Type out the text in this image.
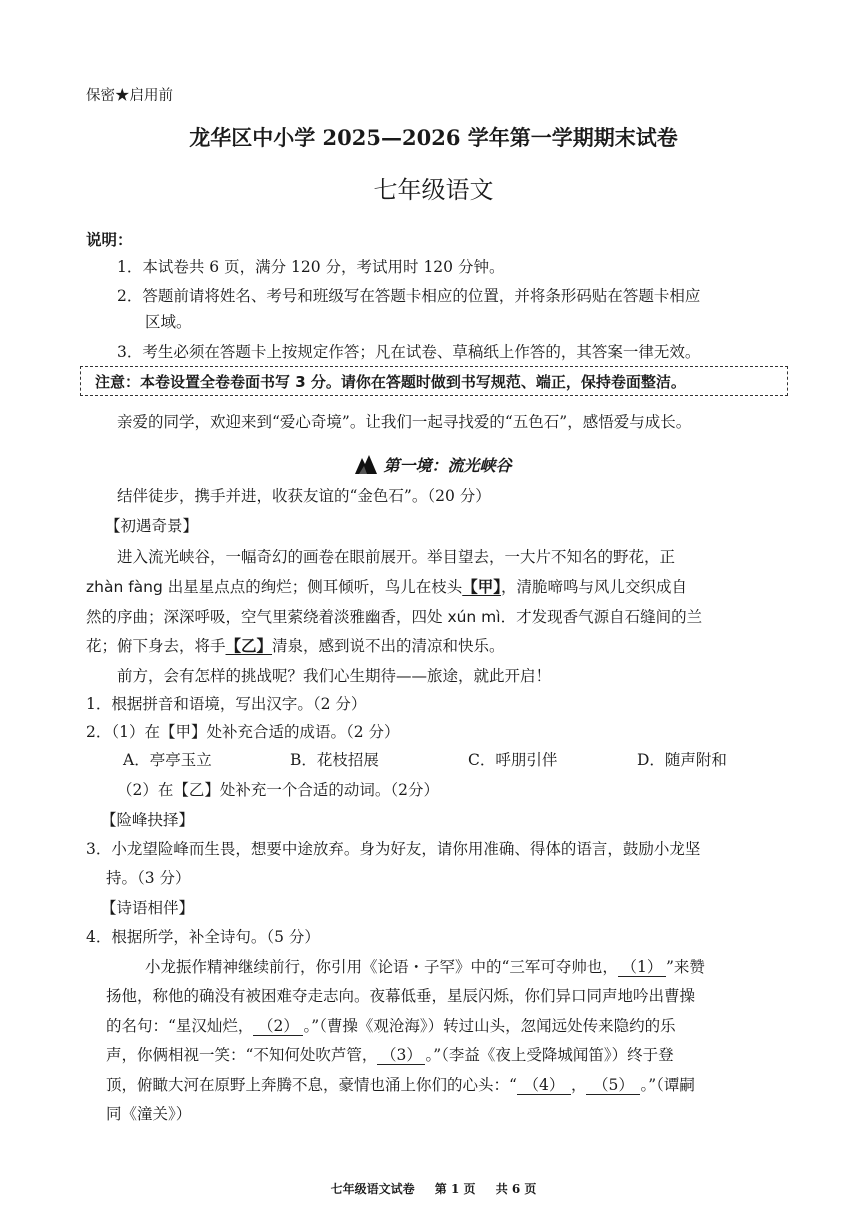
保密★启用前
龙华区中小学 2025—2026 学年第一学期期末试卷
七年级语文
说明：
1．本试卷共 6 页，满分 120 分，考试用时 120 分钟。
2．答题前请将姓名、考号和班级写在答题卡相应的位置，并将条形码贴在答题卡相应
区域。
3．考生必须在答题卡上按规定作答；凡在试卷、草稿纸上作答的，其答案一律无效。
注意：本卷设置全卷卷面书写 3 分。请你在答题时做到书写规范、端正，保持卷面整洁。
亲爱的同学，欢迎来到“爱心奇境”。让我们一起寻找爱的“五色石”，感悟爱与成长。
第一境：流光峡谷
结伴徒步，携手并进，收获友谊的“金色石”。（20 分）
【初遇奇景】
进入流光峡谷，一幅奇幻的画卷在眼前展开。举目望去，一大片不知名的野花，正
zhàn fàng 出星星点点的绚烂；侧耳倾听，鸟儿在枝头【甲】，清脆啼鸣与风儿交织成自
然的序曲；深深呼吸，空气里萦绕着淡雅幽香，四处 xún mì．才发现香气源自石缝间的兰
花；俯下身去，将手【乙】清泉，感到说不出的清凉和快乐。
前方，会有怎样的挑战呢？我们心生期待——旅途，就此开启！
1．根据拼音和语境，写出汉字。（2 分）
2．（1）在【甲】处补充合适的成语。（2 分）
A．亭亭玉立	B．花枝招展	C．呼朋引伴	D．随声附和
（2）在【乙】处补充一个合适的动词。（2分）
【险峰抉择】
3．小龙望险峰而生畏，想要中途放弃。身为好友，请你用准确、得体的语言，鼓励小龙坚
持。（3 分）
【诗语相伴】
4．根据所学，补全诗句。（5 分）
小龙振作精神继续前行，你引用《论语・子罕》中的“三军可夺帅也， （1） ”来赞
扬他，称他的确没有被困难夺走志向。夜幕低垂，星辰闪烁，你们异口同声地吟出曹操
的名句：“星汉灿烂， （2） 。”（曹操《观沧海》）转过山头，忽闻远处传来隐约的乐
声，你俩相视一笑：“不知何处吹芦管， （3） 。”（李益《夜上受降城闻笛》）终于登
顶，俯瞰大河在原野上奔腾不息，豪情也涌上你们的心头：“ （4） ， （5） 。”（谭嗣
同《潼关》）
七年级语文试卷 第 1 页 共 6 页
